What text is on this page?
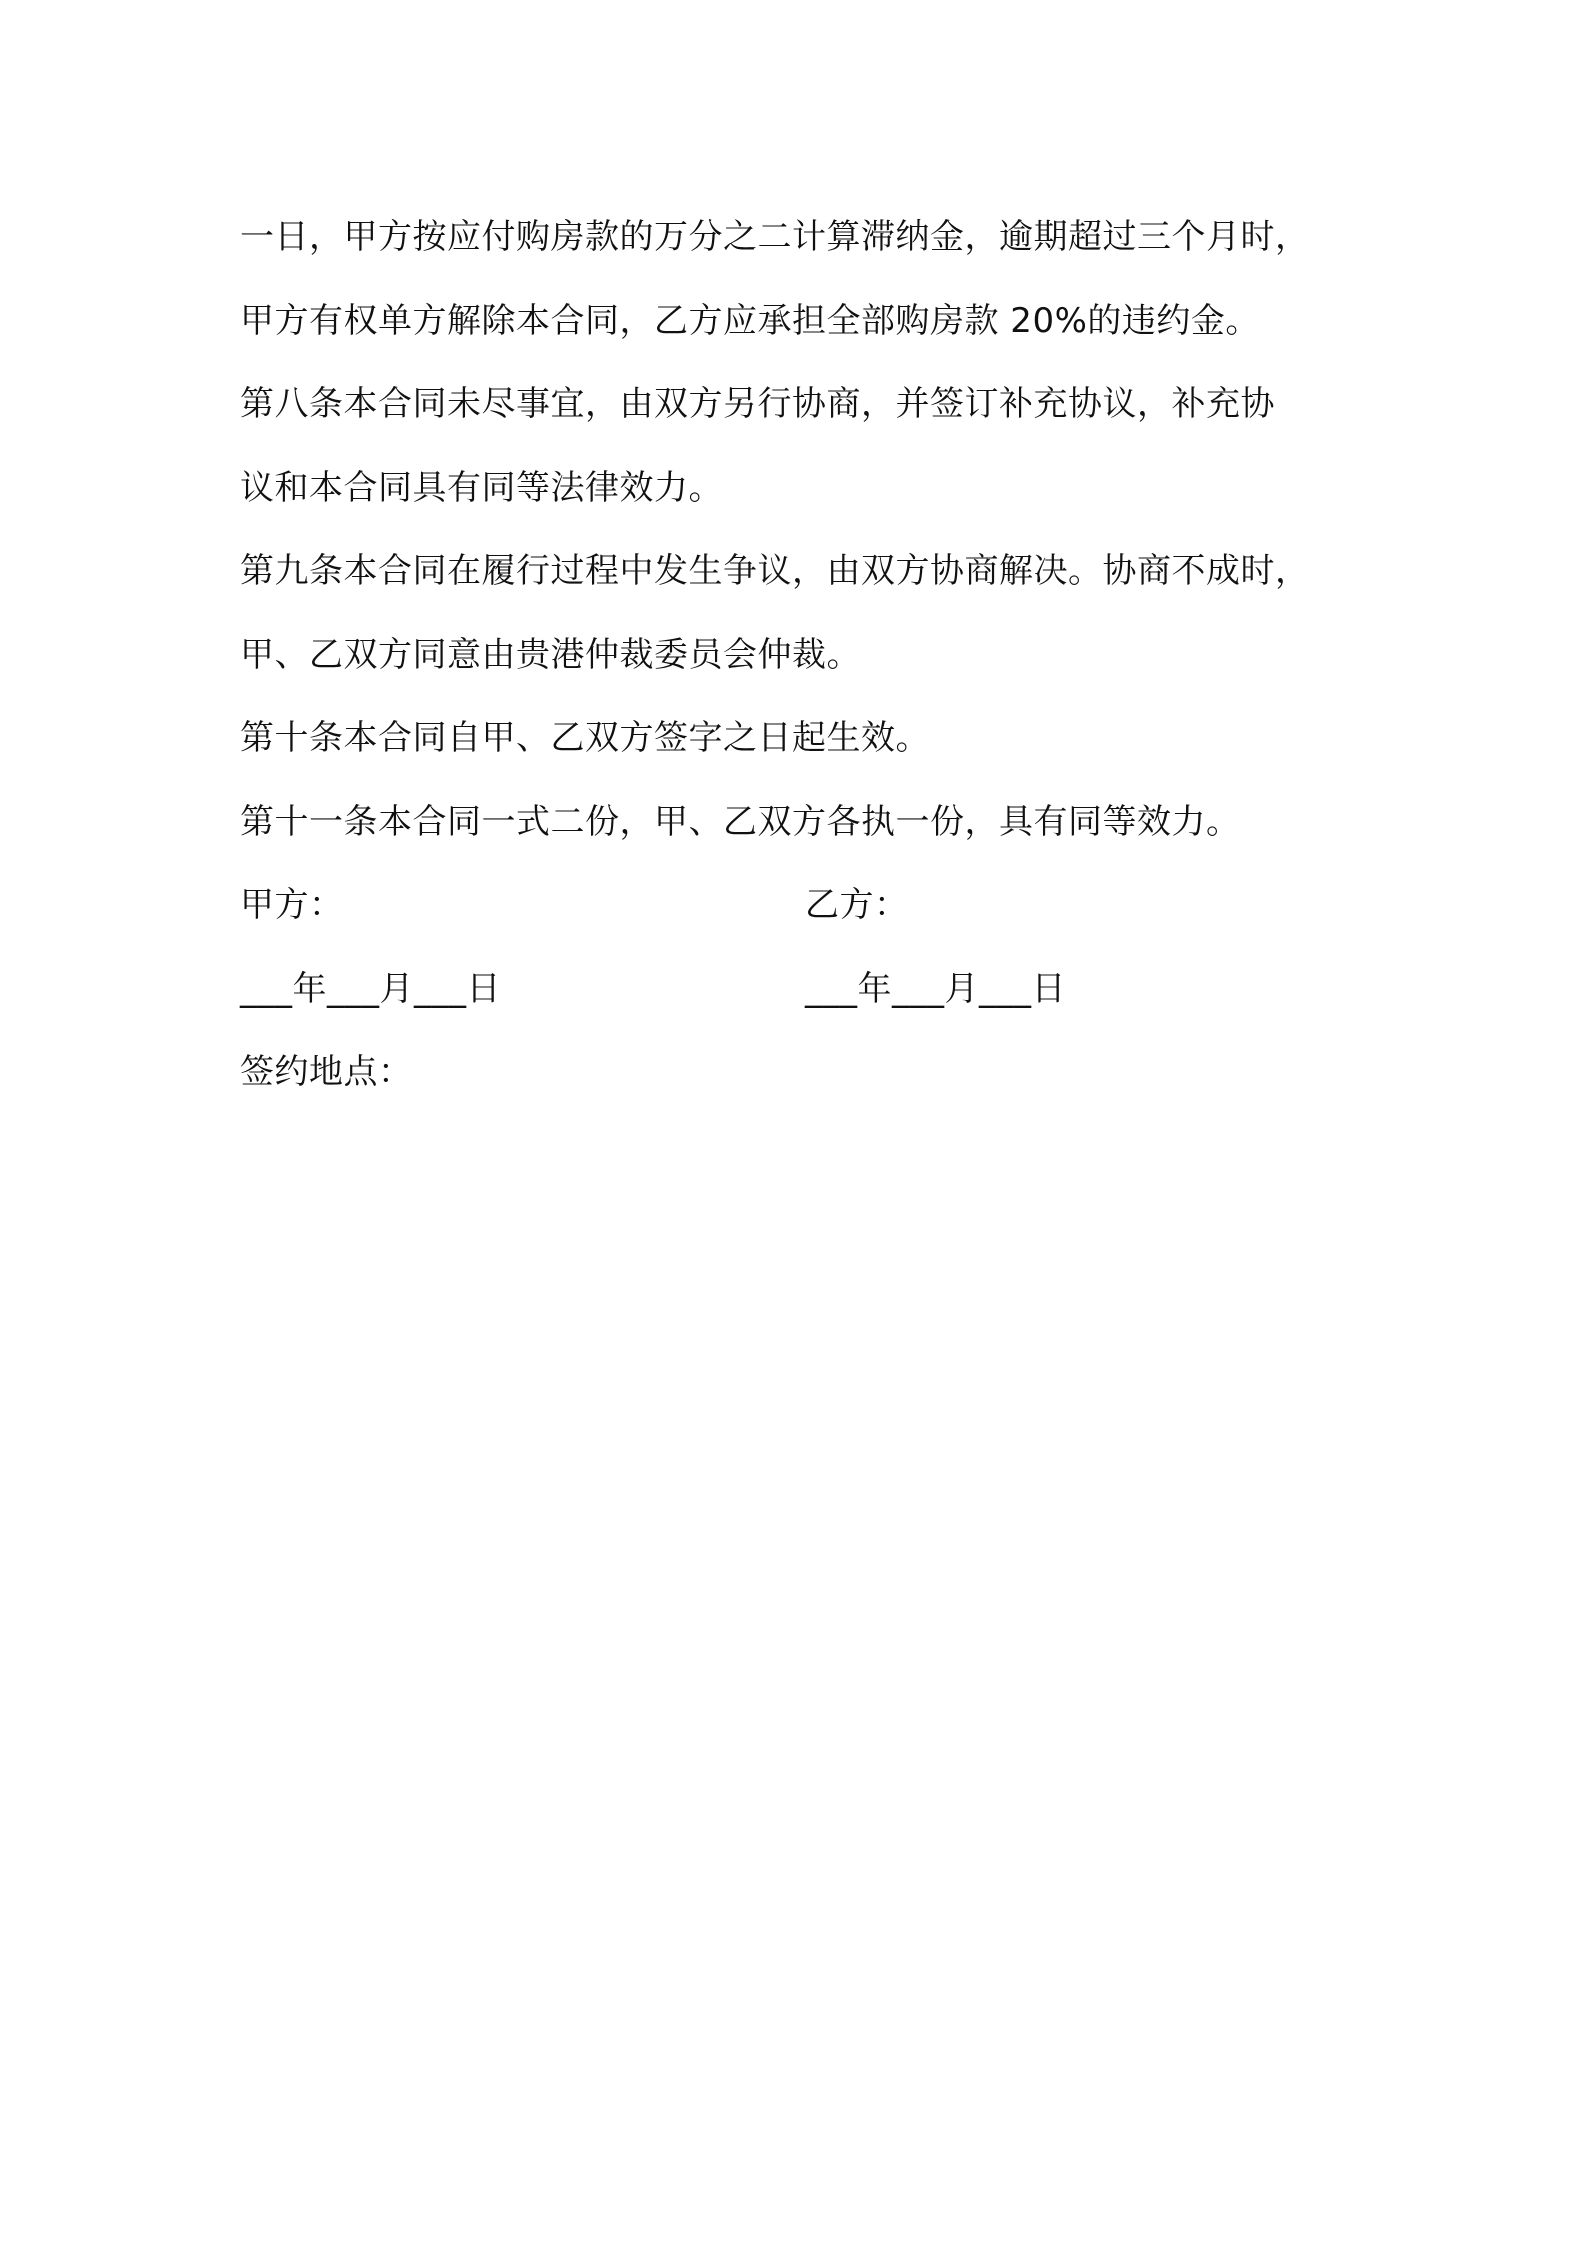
一日，甲方按应付购房款的万分之二计算滞纳金，逾期超过三个月时，
甲方有权单方解除本合同，乙方应承担全部购房款 20%的违约金。
第八条本合同未尽事宜，由双方另行协商，并签订补充协议，补充协
议和本合同具有同等法律效力。
第九条本合同在履行过程中发生争议，由双方协商解决。协商不成时，
甲、乙双方同意由贵港仲裁委员会仲裁。
第十条本合同自甲、乙双方签字之日起生效。
第十一条本合同一式二份，甲、乙双方各执一份，具有同等效力。
甲方：	乙方：
___年___月___日	___年___月___日
签约地点：
